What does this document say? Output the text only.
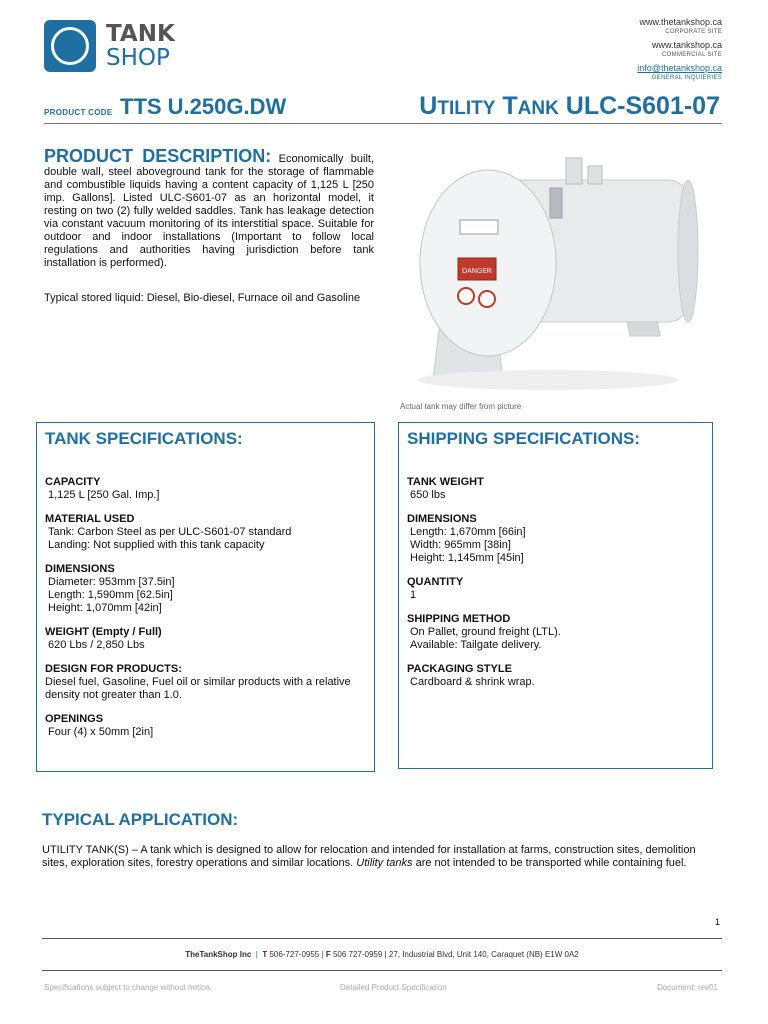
TANK
SHOP
www.thetankshop.ca
CORPORATE SITE
www.tankshop.ca
COMMERCIAL SITE
info@thetankshop.ca
GENERAL INQUIERIES
PRODUCT CODE TTS U.250G.DW	UTILITY TANK ULC-S601-07
PRODUCT DESCRIPTION: Economically built, double wall, steel aboveground tank for the storage of flammable and combustible liquids having a content capacity of 1,125 L [250 imp. Gallons]. Listed ULC-S601-07 as an horizontal model, it resting on two (2) fully welded saddles. Tank has leakage detection via constant vacuum monitoring of its interstitial space. Suitable for outdoor and indoor installations (Important to follow local regulations and authorities having jurisdiction before tank installation is performed).
Typical stored liquid: Diesel, Bio-diesel, Furnace oil and Gasoline
DANGER
Actual tank may differ from picture
TANK SPECIFICATIONS:
CAPACITY
1,125 L [250 Gal. Imp.]
MATERIAL USED
Tank: Carbon Steel as per ULC-S601-07 standard
Landing: Not supplied with this tank capacity
DIMENSIONS
Diameter: 953mm [37.5in]
Length: 1,590mm [62.5in]
Height: 1,070mm [42in]
WEIGHT (Empty / Full)
620 Lbs / 2,850 Lbs
DESIGN FOR PRODUCTS:
Diesel fuel, Gasoline, Fuel oil or similar products with a relative density not greater than 1.0.
OPENINGS
Four (4) x 50mm [2in]
SHIPPING SPECIFICATIONS:
TANK WEIGHT
650 lbs
DIMENSIONS
Length: 1,670mm [66in]
Width: 965mm [38in]
Height: 1,145mm [45in]
QUANTITY
1
SHIPPING METHOD
On Pallet, ground freight (LTL).
Available: Tailgate delivery.
PACKAGING STYLE
Cardboard & shrink wrap.
TYPICAL APPLICATION:
UTILITY TANK(S) – A tank which is designed to allow for relocation and intended for installation at farms, construction sites, demolition sites, exploration sites, forestry operations and similar locations. Utility tanks are not intended to be transported while containing fuel.
1
TheTankShop Inc | T 506-727-0955 | F 506 727-0959 | 27, Industrial Blvd, Unit 140, Caraquet (NB) E1W 0A2
Specifications subject to change without notice.	Detailed Product Specification	Document: rev01
